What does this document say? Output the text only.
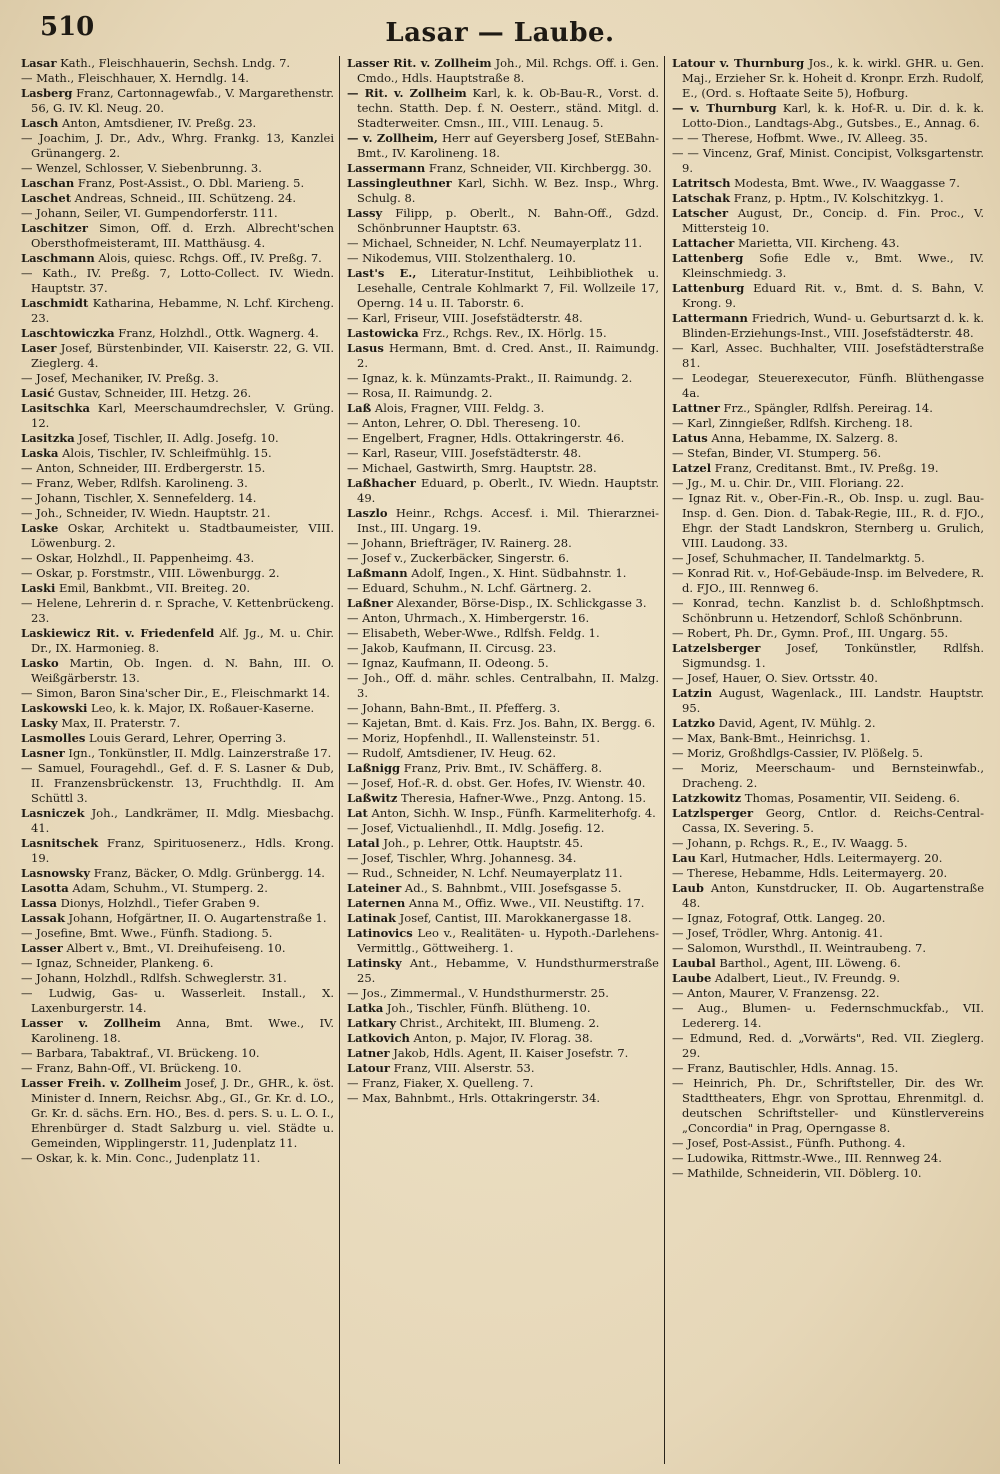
510	Lasar — Laube.
Lasar Kath., Fleischhauerin, Sechsh. Lndg. 7.
— Math., Fleischhauer, X. Herndlg. 14.
Lasberg Franz, Cartonnagewfab., V. Margarethenstr. 56, G. IV. Kl. Neug. 20.
Lasch Anton, Amtsdiener, IV. Preßg. 23.
— Joachim, J. Dr., Adv., Whrg. Frankg. 13, Kanzlei Grünangerg. 2.
— Wenzel, Schlosser, V. Siebenbrunng. 3.
Laschan Franz, Post-Assist., O. Dbl. Marieng. 5.
Laschet Andreas, Schneid., III. Schützeng. 24.
— Johann, Seiler, VI. Gumpendorferstr. 111.
Laschitzer Simon, Off. d. Erzh. Albrecht'schen Obersthofmeisteramt, III. Matthäusg. 4.
Laschmann Alois, quiesc. Rchgs. Off., IV. Preßg. 7.
— Kath., IV. Preßg. 7, Lotto-Collect. IV. Wiedn. Hauptstr. 37.
Laschmidt Katharina, Hebamme, N. Lchf. Kircheng. 23.
Laschtowiczka Franz, Holzhdl., Ottk. Wagnerg. 4.
Laser Josef, Bürstenbinder, VII. Kaiserstr. 22, G. VII. Zieglerg. 4.
— Josef, Mechaniker, IV. Preßg. 3.
Lasić Gustav, Schneider, III. Hetzg. 26.
Lasitschka Karl, Meerschaumdrechsler, V. Grüng. 12.
Lasitzka Josef, Tischler, II. Adlg. Josefg. 10.
Laska Alois, Tischler, IV. Schleifmühlg. 15.
— Anton, Schneider, III. Erdbergerstr. 15.
— Franz, Weber, Rdlfsh. Karolineng. 3.
— Johann, Tischler, X. Sennefelderg. 14.
— Joh., Schneider, IV. Wiedn. Hauptstr. 21.
Laske Oskar, Architekt u. Stadtbaumeister, VIII. Löwenburg. 2.
— Oskar, Holzhdl., II. Pappenheimg. 43.
— Oskar, p. Forstmstr., VIII. Löwenburgg. 2.
Laski Emil, Bankbmt., VII. Breiteg. 20.
— Helene, Lehrerin d. r. Sprache, V. Kettenbrückeng. 23.
Laskiewicz Rit. v. Friedenfeld Alf. Jg., M. u. Chir. Dr., IX. Harmonieg. 8.
Lasko Martin, Ob. Ingen. d. N. Bahn, III. O. Weißgärberstr. 13.
— Simon, Baron Sina'scher Dir., E., Fleischmarkt 14.
Laskowski Leo, k. k. Major, IX. Roßauer-Kaserne.
Lasky Max, II. Praterstr. 7.
Lasmolles Louis Gerard, Lehrer, Operring 3.
Lasner Ign., Tonkünstler, II. Mdlg. Lainzerstraße 17.
— Samuel, Fouragehdl., Gef. d. F. S. Lasner & Dub, II. Franzensbrückenstr. 13, Fruchthdlg. II. Am Schüttl 3.
Lasniczek Joh., Landkrämer, II. Mdlg. Miesbachg. 41.
Lasnitschek Franz, Spirituosenerz., Hdls. Krong. 19.
Lasnowsky Franz, Bäcker, O. Mdlg. Grünbergg. 14.
Lasotta Adam, Schuhm., VI. Stumperg. 2.
Lassa Dionys, Holzhdl., Tiefer Graben 9.
Lassak Johann, Hofgärtner, II. O. Augartenstraße 1.
— Josefine, Bmt. Wwe., Fünfh. Stadiong. 5.
Lasser Albert v., Bmt., VI. Dreihufeiseng. 10.
— Ignaz, Schneider, Plankeng. 6.
— Johann, Holzhdl., Rdlfsh. Schweglerstr. 31.
— Ludwig, Gas- u. Wasserleit. Install., X. Laxenburgerstr. 14.
Lasser v. Zollheim Anna, Bmt. Wwe., IV. Karolineng. 18.
— Barbara, Tabaktraf., VI. Brückeng. 10.
— Franz, Bahn-Off., VI. Brückeng. 10.
Lasser Freih. v. Zollheim Josef, J. Dr., GHR., k. öst. Minister d. Innern, Reichsr. Abg., GI., Gr. Kr. d. LO., Gr. Kr. d. sächs. Ern. HO., Bes. d. pers. S. u. L. O. I., Ehrenbürger d. Stadt Salzburg u. viel. Städte u. Gemeinden, Wipplingerstr. 11, Judenplatz 11.
— Oskar, k. k. Min. Conc., Judenplatz 11.
Lasser Rit. v. Zollheim Joh., Mil. Rchgs. Off. i. Gen. Cmdo., Hdls. Hauptstraße 8.
— Rit. v. Zollheim Karl, k. k. Ob-Bau-R., Vorst. d. techn. Statth. Dep. f. N. Oesterr., ständ. Mitgl. d. Stadterweiter. Cmsn., III., VIII. Lenaug. 5.
— v. Zollheim, Herr auf Geyersberg Josef, StEBahn-Bmt., IV. Karolineng. 18.
Lassermann Franz, Schneider, VII. Kirchbergg. 30.
Lassingleuthner Karl, Sichh. W. Bez. Insp., Whrg. Schulg. 8.
Lassy Filipp, p. Oberlt., N. Bahn-Off., Gdzd. Schönbrunner Hauptstr. 63.
— Michael, Schneider, N. Lchf. Neumayerplatz 11.
— Nikodemus, VIII. Stolzenthalerg. 10.
Last's E., Literatur-Institut, Leihbibliothek u. Lesehalle, Centrale Kohlmarkt 7, Fil. Wollzeile 17, Operng. 14 u. II. Taborstr. 6.
— Karl, Friseur, VIII. Josefstädterstr. 48.
Lastowicka Frz., Rchgs. Rev., IX. Hörlg. 15.
Lasus Hermann, Bmt. d. Cred. Anst., II. Raimundg. 2.
— Ignaz, k. k. Münzamts-Prakt., II. Raimundg. 2.
— Rosa, II. Raimundg. 2.
Laß Alois, Fragner, VIII. Feldg. 3.
— Anton, Lehrer, O. Dbl. Thereseng. 10.
— Engelbert, Fragner, Hdls. Ottakringerstr. 46.
— Karl, Raseur, VIII. Josefstädterstr. 48.
— Michael, Gastwirth, Smrg. Hauptstr. 28.
Laßhacher Eduard, p. Oberlt., IV. Wiedn. Hauptstr. 49.
Laszlo Heinr., Rchgs. Accesf. i. Mil. Thierarznei-Inst., III. Ungarg. 19.
— Johann, Briefträger, IV. Rainerg. 28.
— Josef v., Zuckerbäcker, Singerstr. 6.
Laßmann Adolf, Ingen., X. Hint. Südbahnstr. 1.
— Eduard, Schuhm., N. Lchf. Gärtnerg. 2.
Laßner Alexander, Börse-Disp., IX. Schlickgasse 3.
— Anton, Uhrmach., X. Himbergerstr. 16.
— Elisabeth, Weber-Wwe., Rdlfsh. Feldg. 1.
— Jakob, Kaufmann, II. Circusg. 23.
— Ignaz, Kaufmann, II. Odeong. 5.
— Joh., Off. d. mähr. schles. Centralbahn, II. Malzg. 3.
— Johann, Bahn-Bmt., II. Pfefferg. 3.
— Kajetan, Bmt. d. Kais. Frz. Jos. Bahn, IX. Bergg. 6.
— Moriz, Hopfenhdl., II. Wallensteinstr. 51.
— Rudolf, Amtsdiener, IV. Heug. 62.
Laßnigg Franz, Priv. Bmt., IV. Schäfferg. 8.
— Josef, Hof.-R. d. obst. Ger. Hofes, IV. Wienstr. 40.
Laßwitz Theresia, Hafner-Wwe., Pnzg. Antong. 15.
Lat Anton, Sichh. W. Insp., Fünfh. Karmeliterhofg. 4.
— Josef, Victualienhdl., II. Mdlg. Josefig. 12.
Latal Joh., p. Lehrer, Ottk. Hauptstr. 45.
— Josef, Tischler, Whrg. Johannesg. 34.
— Rud., Schneider, N. Lchf. Neumayerplatz 11.
Lateiner Ad., S. Bahnbmt., VIII. Josefsgasse 5.
Laternen Anna M., Offiz. Wwe., VII. Neustiftg. 17.
Latinak Josef, Cantist, III. Marokkanergasse 18.
Latinovics Leo v., Realitäten- u. Hypoth.-Darlehens-Vermittlg., Göttweiherg. 1.
Latinsky Ant., Hebamme, V. Hundsthurmerstraße 25.
— Jos., Zimmermal., V. Hundsthurmerstr. 25.
Latka Joh., Tischler, Fünfh. Blütheng. 10.
Latkary Christ., Architekt, III. Blumeng. 2.
Latkovich Anton, p. Major, IV. Florag. 38.
Latner Jakob, Hdls. Agent, II. Kaiser Josefstr. 7.
Latour Franz, VIII. Alserstr. 53.
— Franz, Fiaker, X. Quelleng. 7.
— Max, Bahnbmt., Hrls. Ottakringerstr. 34.
Latour v. Thurnburg Jos., k. k. wirkl. GHR. u. Gen. Maj., Erzieher Sr. k. Hoheit d. Kronpr. Erzh. Rudolf, E., (Ord. s. Hoftaate Seite 5), Hofburg.
— v. Thurnburg Karl, k. k. Hof-R. u. Dir. d. k. k. Lotto-Dion., Landtags-Abg., Gutsbes., E., Annag. 6.
— — Therese, Hofbmt. Wwe., IV. Alleeg. 35.
— — Vincenz, Graf, Minist. Concipist, Volksgartenstr. 9.
Latritsch Modesta, Bmt. Wwe., IV. Waaggasse 7.
Latschak Franz, p. Hptm., IV. Kolschitzkyg. 1.
Latscher August, Dr., Concip. d. Fin. Proc., V. Mittersteig 10.
Lattacher Marietta, VII. Kircheng. 43.
Lattenberg Sofie Edle v., Bmt. Wwe., IV. Kleinschmiedg. 3.
Lattenburg Eduard Rit. v., Bmt. d. S. Bahn, V. Krong. 9.
Lattermann Friedrich, Wund- u. Geburtsarzt d. k. k. Blinden-Erziehungs-Inst., VIII. Josefstädterstr. 48.
— Karl, Assec. Buchhalter, VIII. Josefstädterstraße 81.
— Leodegar, Steuerexecutor, Fünfh. Blüthengasse 4a.
Lattner Frz., Spängler, Rdlfsh. Pereirag. 14.
— Karl, Zinngießer, Rdlfsh. Kircheng. 18.
Latus Anna, Hebamme, IX. Salzerg. 8.
— Stefan, Binder, VI. Stumperg. 56.
Latzel Franz, Creditanst. Bmt., IV. Preßg. 19.
— Jg., M. u. Chir. Dr., VIII. Floriang. 22.
— Ignaz Rit. v., Ober-Fin.-R., Ob. Insp. u. zugl. Bau-Insp. d. Gen. Dion. d. Tabak-Regie, III., R. d. FJO., Ehgr. der Stadt Landskron, Sternberg u. Grulich, VIII. Laudong. 33.
— Josef, Schuhmacher, II. Tandelmarktg. 5.
— Konrad Rit. v., Hof-Gebäude-Insp. im Belvedere, R. d. FJO., III. Rennweg 6.
— Konrad, techn. Kanzlist b. d. Schloßhptmsch. Schönbrunn u. Hetzendorf, Schloß Schönbrunn.
— Robert, Ph. Dr., Gymn. Prof., III. Ungarg. 55.
Latzelsberger Josef, Tonkünstler, Rdlfsh. Sigmundsg. 1.
— Josef, Hauer, O. Siev. Ortsstr. 40.
Latzin August, Wagenlack., III. Landstr. Hauptstr. 95.
Latzko David, Agent, IV. Mühlg. 2.
— Max, Bank-Bmt., Heinrichsg. 1.
— Moriz, Großhdlgs-Cassier, IV. Plößelg. 5.
— Moriz, Meerschaum- und Bernsteinwfab., Dracheng. 2.
Latzkowitz Thomas, Posamentir, VII. Seideng. 6.
Latzlsperger Georg, Cntlor. d. Reichs-Central-Cassa, IX. Severing. 5.
— Johann, p. Rchgs. R., E., IV. Waagg. 5.
Lau Karl, Hutmacher, Hdls. Leitermayerg. 20.
— Therese, Hebamme, Hdls. Leitermayerg. 20.
Laub Anton, Kunstdrucker, II. Ob. Augartenstraße 48.
— Ignaz, Fotograf, Ottk. Langeg. 20.
— Josef, Trödler, Whrg. Antonig. 41.
— Salomon, Wursthdl., II. Weintraubeng. 7.
Laubal Barthol., Agent, III. Löweng. 6.
Laube Adalbert, Lieut., IV. Freundg. 9.
— Anton, Maurer, V. Franzensg. 22.
— Aug., Blumen- u. Federnschmuckfab., VII. Ledererg. 14.
— Edmund, Red. d. „Vorwärts", Red. VII. Zieglerg. 29.
— Franz, Bautischler, Hdls. Annag. 15.
— Heinrich, Ph. Dr., Schriftsteller, Dir. des Wr. Stadttheaters, Ehgr. von Sprottau, Ehrenmitgl. d. deutschen Schriftsteller- und Künstlervereins „Concordia" in Prag, Operngasse 8.
— Josef, Post-Assist., Fünfh. Puthong. 4.
— Ludowika, Rittmstr.-Wwe., III. Rennweg 24.
— Mathilde, Schneiderin, VII. Döblerg. 10.
